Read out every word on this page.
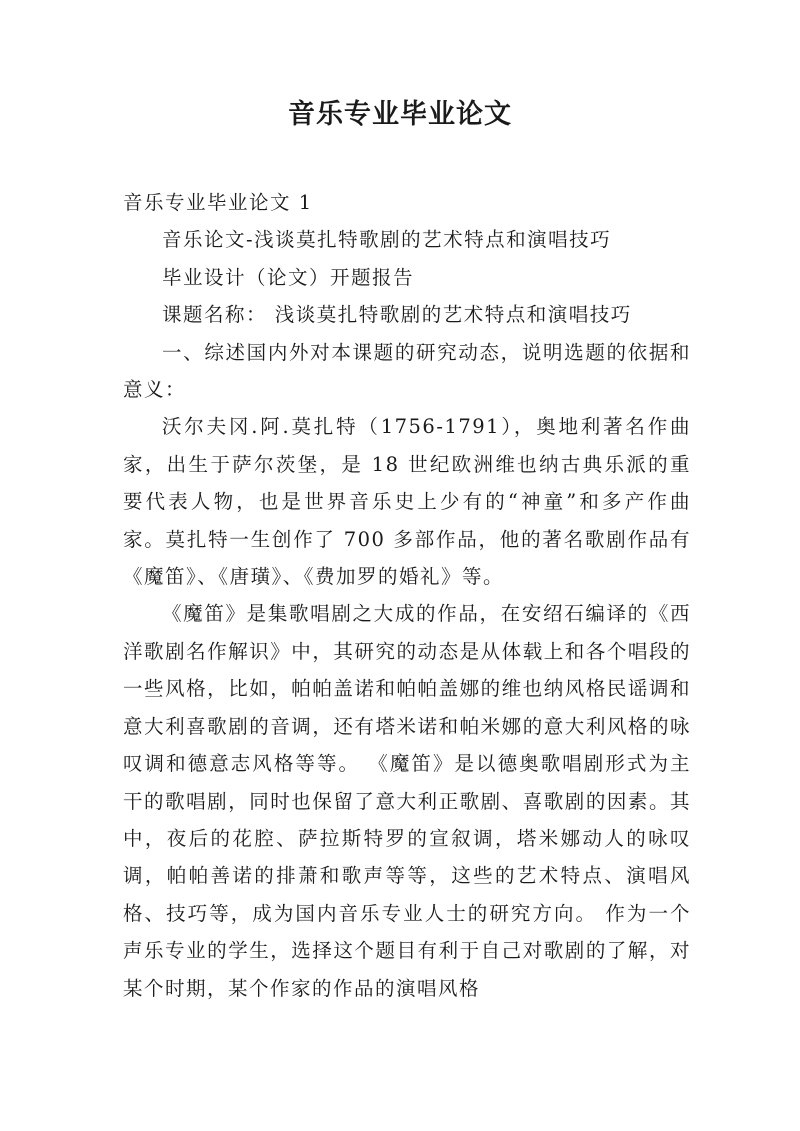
音乐专业毕业论文

音乐专业毕业论文 1

音乐论文-浅谈莫扎特歌剧的艺术特点和演唱技巧

毕业设计（论文）开题报告

课题名称： 浅谈莫扎特歌剧的艺术特点和演唱技巧

一、综述国内外对本课题的研究动态，说明选题的依据和意义：

沃尔夫冈.阿.莫扎特（1756-1791），奥地利著名作曲家，出生于萨尔茨堡，是 18 世纪欧洲维也纳古典乐派的重要代表人物，也是世界音乐史上少有的“神童”和多产作曲家。莫扎特一生创作了 700 多部作品，他的著名歌剧作品有《魔笛》、《唐璜》、《费加罗的婚礼》等。

《魔笛》是集歌唱剧之大成的作品，在安绍石编译的《西洋歌剧名作解识》中，其研究的动态是从体载上和各个唱段的一些风格，比如，帕帕盖诺和帕帕盖娜的维也纳风格民谣调和意大利喜歌剧的音调，还有塔米诺和帕米娜的意大利风格的咏叹调和德意志风格等等。 《魔笛》是以德奥歌唱剧形式为主干的歌唱剧，同时也保留了意大利正歌剧、喜歌剧的因素。其中，夜后的花腔、萨拉斯特罗的宣叙调，塔米娜动人的咏叹调，帕帕善诺的排萧和歌声等等，这些的艺术特点、演唱风格、技巧等，成为国内音乐专业人士的研究方向。 作为一个声乐专业的学生，选择这个题目有利于自己对歌剧的了解，对某个时期，某个作家的作品的演唱风格
